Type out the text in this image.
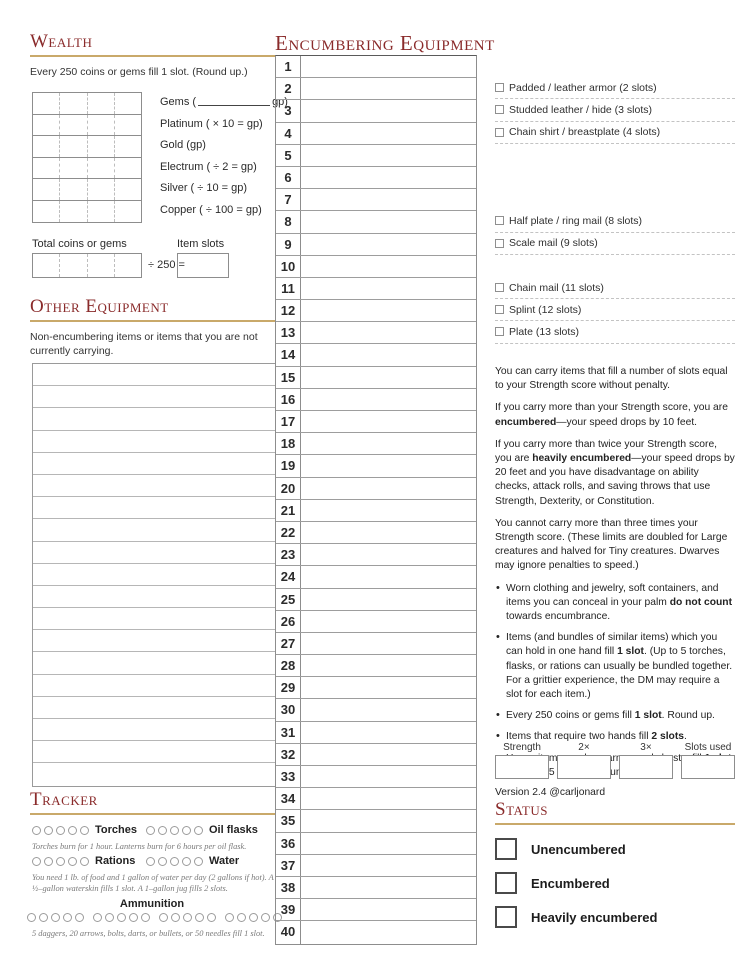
Wealth
Every 250 coins or gems fill 1 slot. (Round up.)
Gems (	gp)
Platinum ( × 10 = gp)
Gold (gp)
Electrum ( ÷ 2 = gp)
Silver ( ÷ 10 = gp)
Copper ( ÷ 100 = gp)
Total coins or gems
÷ 250 =
Item slots
Other Equipment
Non-encumbering items or items that you are not currently carrying.
Tracker
Torches	Oil flasks
Torches burn for 1 hour. Lanterns burn for 6 hours per oil flask.
Rations	Water
You need 1 lb. of food and 1 gallon of water per day (2 gallons if hot). A ½–gallon waterskin fills 1 slot. A 1–gallon jug fills 2 slots.
Ammunition
5 daggers, 20 arrows, bolts, darts, or bullets, or 50 needles fill 1 slot.
Encumbering Equipment
1
2
3
4
5
6
7
8
9
10
11
12
13
14
15
16
17
18
19
20
21
22
23
24
25
26
27
28
29
30
31
32
33
34
35
36
37
38
39
40
Padded / leather armor (2 slots)
Studded leather / hide (3 slots)
Chain shirt / breastplate (4 slots)
Half plate / ring mail (8 slots)
Scale mail (9 slots)
Chain mail (11 slots)
Splint (12 slots)
Plate (13 slots)

You can carry items that fill a number of slots equal to your Strength score without penalty.

If you carry more than your Strength score, you are encumbered—your speed drops by 10 feet.

If you carry more than twice your Strength score, you are heavily encumbered—your speed drops by 20 feet and you have disadvantage on ability checks, attack rolls, and saving throws that use Strength, Dexterity, or Constitution.

You cannot carry more than three times your Strength score. (These limits are doubled for Large creatures and halved for Tiny creatures. Dwarves may ignore penalties to speed.)

• Worn clothing and jewelry, soft containers, and items you can conceal in your palm do not count towards encumbrance.
• Items (and bundles of similar items) which you can hold in one hand fill 1 slot. (Up to 5 torches, flasks, or rations can usually be bundled together. For a grittier experience, the DM may require a slot for each item.)
• Every 250 coins or gems fill 1 slot. Round up.
• Items that require two hands fill 2 slots.
• items, 5 Round
Version 2.4 @carljonard
Strength	2×	3×	Slots used
Status
Unencumbered
Encumbered
Heavily encumbered
